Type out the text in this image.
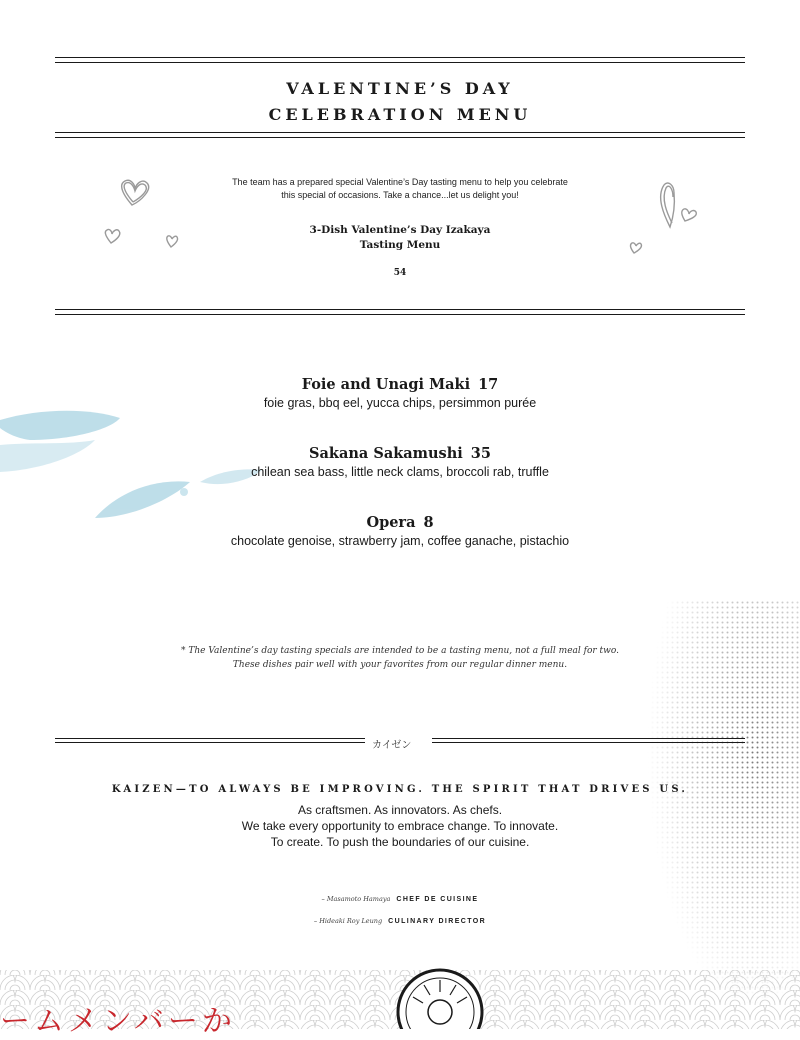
VALENTINE’S DAY
CELEBRATION MENU
The team has a prepared special Valentine’s Day tasting menu to help you celebrate
this special of occasions. Take a chance...let us delight you!
3-Dish Valentine’s Day Izakaya
Tasting Menu
54
Foie and Unagi Maki 17
foie gras, bbq eel, yucca chips, persimmon purée
Sakana Sakamushi 35
chilean sea bass, little neck clams, broccoli rab, truffle
Opera 8
chocolate genoise, strawberry jam, coffee ganache, pistachio
* The Valentine’s day tasting specials are intended to be a tasting menu, not a full meal for two.
These dishes pair well with your favorites from our regular dinner menu.
カイゼン
KAIZEN—TO ALWAYS BE IMPROVING. THE SPIRIT THAT DRIVES US.
As craftsmen. As innovators. As chefs.
We take every opportunity to embrace change. To innovate.
To create. To push the boundaries of our cuisine.
– Masamoto Hamaya CHEF DE CUISINE
– Hideaki Roy Leung CULINARY DIRECTOR
ームメンバーか
